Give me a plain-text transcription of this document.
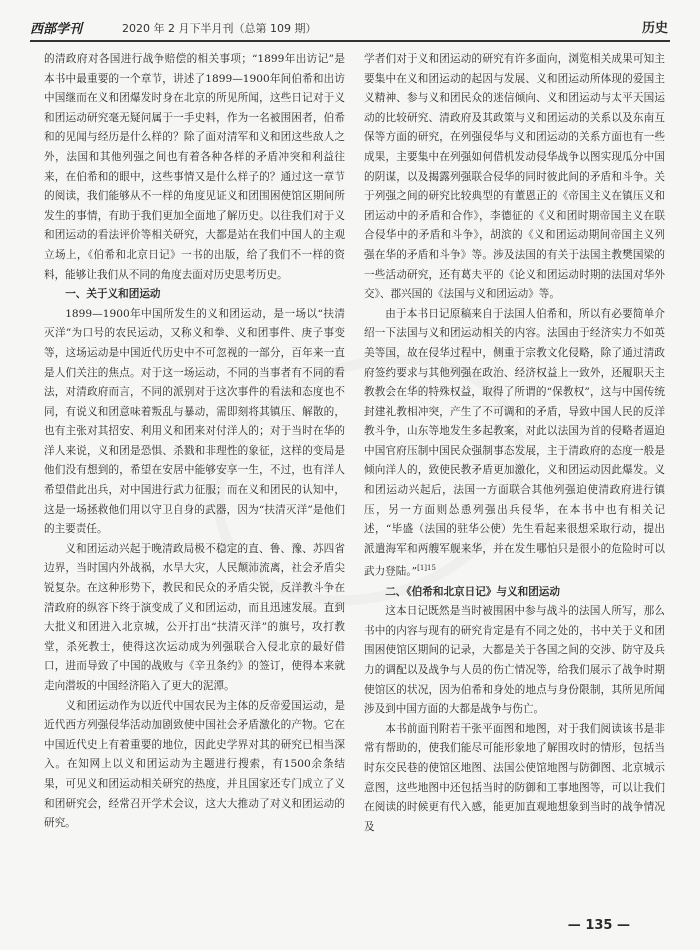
西部学刊	2020 年 2 月下半月刊（总第 109 期）	历史

的清政府对各国进行战争赔偿的相关事项；“1899年出访记”是本书中最重要的一个章节，讲述了1899—1900年间伯希和出访中国继而在义和团爆发时身在北京的所见所闻，这些日记对于义和团运动研究毫无疑问属于一手史料，作为一名被围困者，伯希和的见闻与经历是什么样的？除了面对清军和义和团这些敌人之外，法国和其他列强之间也有着各种各样的矛盾冲突和利益往来，在伯希和的眼中，这些事情又是什么样子的？通过这一章节的阅读，我们能够从不一样的角度见证义和团围困使馆区期间所发生的事情，有助于我们更加全面地了解历史。以往我们对于义和团运动的看法评价等相关研究，大都是站在我们中国人的主观立场上，《伯希和北京日记》一书的出版，给了我们不一样的资料，能够让我们从不同的角度去面对历史思考历史。

一、关于义和团运动

1899—1900年中国所发生的义和团运动，是一场以“扶清灭洋”为口号的农民运动，又称义和拳、义和团事件、庚子事变等，这场运动是中国近代历史中不可忽视的一部分，百年来一直是人们关注的焦点。对于这一场运动，不同的当事者有不同的看法，对清政府而言，不同的派别对于这次事件的看法和态度也不同，有说义和团意味着叛乱与暴动，需即刻将其镇压、解散的，也有主张对其招安、利用义和团来对付洋人的；对于当时在华的洋人来说，义和团是恐惧、杀戮和非理性的象征，这样的变局是他们没有想到的，希望在安居中能够安享一生，不过，也有洋人希望借此出兵，对中国进行武力征服；而在义和团民的认知中，这是一场拯救他们用以守卫自身的武器，因为“扶清灭洋”是他们的主要责任。

义和团运动兴起于晚清政局极不稳定的直、鲁、豫、苏四省边界，当时国内外战祸，水旱大灾，人民颠沛流离，社会矛盾尖锐复杂。在这种形势下，教民和民众的矛盾尖锐，反洋教斗争在清政府的纵容下终于演变成了义和团运动，而且迅速发展。直到大批义和团进入北京城，公开打出“扶清灭洋”的旗号，攻打教堂，杀死教士，使得这次运动成为列强联合入侵北京的最好借口，进而导致了中国的战败与《辛丑条约》的签订，使得本来就走向潜坂的中国经济陷入了更大的泥潭。

义和团运动作为以近代中国农民为主体的反帝爱国运动，是近代西方列强侵华活动加剧致使中国社会矛盾激化的产物。它在中国近代史上有着重要的地位，因此史学界对其的研究已相当深入。在知网上以义和团运动为主题进行搜索，有1500余条结果，可见义和团运动相关研究的热度，并且国家还专门成立了义和团研究会，经常召开学术会议，这大大推动了对义和团运动的研究。

学者们对于义和团运动的研究有许多面向，浏览相关成果可知主要集中在义和团运动的起因与发展、义和团运动所体现的爱国主义精神、参与义和团民众的迷信倾向、义和团运动与太平天国运动的比较研究、清政府及其政策与义和团运动的关系以及东南互保等方面的研究，在列强侵华与义和团运动的关系方面也有一些成果，主要集中在列强如何借机发动侵华战争以图实现瓜分中国的阴谋，以及揭露列强联合侵华的同时彼此间的矛盾和斗争。关于列强之间的研究比较典型的有董恩正的《帝国主义在镇压义和团运动中的矛盾和合作》，李德征的《义和团时期帝国主义在联合侵华中的矛盾和斗争》，胡滨的《义和团运动期间帝国主义列强在华的矛盾和斗争》等。涉及法国的有关于法国主教樊国梁的一些活动研究，还有葛夫平的《论义和团运动时期的法国对华外交》、郡兴国的《法国与义和团运动》等。

由于本书日记原稿来自于法国人伯希和，所以有必要简单介绍一下法国与义和团运动相关的内容。法国由于经济实力不如英美等国，故在侵华过程中，侧重于宗教文化侵略，除了通过清政府签约要求与其他列强在政治、经济权益上一致外，还履职天主教教会在华的特殊权益，取得了所谓的“保教权”，这与中国传统封建礼教相冲突，产生了不可调和的矛盾，导致中国人民的反洋教斗争，山东等地发生多起教案，对此以法国为首的侵略者逼迫中国官府压制中国民众强制事态发展，主于清政府的态度一般是倾向洋人的，致使民教矛盾更加激化，义和团运动因此爆发。义和团运动兴起后，法国一方面联合其他列强迫使清政府进行镇压，另一方面则怂恿列强出兵侵华，在本书中也有相关记述，“毕盛（法国的驻华公使）先生看起来很想采取行动，提出派遣海军和两艘军舰来华，并在发生哪怕只是很小的危险时可以武力登陆。”$^{[1]15}$

二、《伯希和北京日记》与义和团运动

这本日记既然是当时被围困中参与战斗的法国人所写，那么书中的内容与现有的研究肯定是有不同之处的，书中关于义和团围困使馆区期间的记录，大都是关于各国之间的交涉、防守及兵力的调配以及战争与人员的伤亡情况等，给我们展示了战争时期使馆区的状况，因为伯希和身处的地点与身份限制，其所见所闻涉及到中国方面的大都是战争与伤亡。

本书前面刊附若干张平面图和地图，对于我们阅读该书是非常有帮助的，使我们能尽可能形象地了解围攻时的情形，包括当时东交民巷的使馆区地图、法国公使馆地图与防御图、北京城示意图，这些地图中还包括当时的防御和工事地图等，可以让我们在阅读的时候更有代入感，能更加直观地想象到当时的战争情况及

— 135 —
